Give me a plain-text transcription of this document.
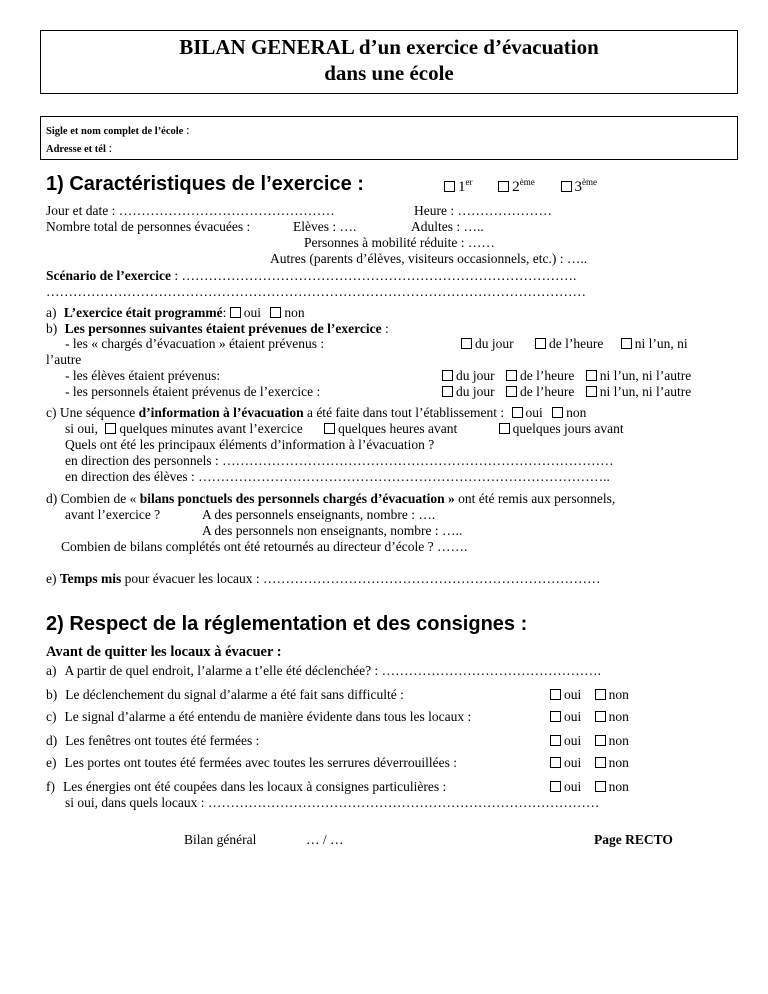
BILAN GENERAL d’un exercice d’évacuation
dans une école
Sigle et nom complet de l’école :
Adresse et tél :
1) Caractéristiques de l’exercice :	1er	2ème	3ème
Jour et date : …………………………………………	Heure : …………………
Nombre total de personnes évacuées :	Elèves : ….	Adultes : …..
Personnes à mobilité réduite : ……
Autres (parents d’élèves, visiteurs occasionnels, etc.) : …..
Scénario de l’exercice : …………………………………………………………………………….
…………………………………………………………………………………………………………
a) L’exercice était programmé: oui non
b) Les personnes suivantes étaient prévenues de l’exercice :
- les « chargés d’évacuation » étaient prévenus :	du jour	de l’heure ni l’un, ni
l’autre
- les élèves étaient prévenus:	du jour de l’heure ni l’un, ni l’autre
- les personnels étaient prévenus de l’exercice :	du jour de l’heure ni l’un, ni l’autre
c) Une séquence d’information à l’évacuation a été faite dans tout l’établissement : oui non
si oui, quelques minutes avant l’exercice	quelques heures avant	quelques jours avant
Quels ont été les principaux éléments d’information à l’évacuation ?
en direction des personnels : ……………………………………………………………………………
en direction des élèves : ………………………………………………………………………………..
d) Combien de « bilans ponctuels des personnels chargés d’évacuation » ont été remis aux personnels,
avant l’exercice ?	A des personnels enseignants, nombre : ….
A des personnels non enseignants, nombre : …..
Combien de bilans complétés ont été retournés au directeur d’école ? …….
e) Temps mis pour évacuer les locaux : …………………………………………………………………
2) Respect de la réglementation et des consignes :
Avant de quitter les locaux à évacuer :
a) A partir de quel endroit, l’alarme a t’elle été déclenchée? : ………………………………………….
b) Le déclenchement du signal d’alarme a été fait sans difficulté :	oui non
c) Le signal d’alarme a été entendu de manière évidente dans tous les locaux :	oui non
d) Les fenêtres ont toutes été fermées :	oui non
e) Les portes ont toutes été fermées avec toutes les serrures déverrouillées :	oui non
f) Les énergies ont été coupées dans les locaux à consignes particulières :	oui non
si oui, dans quels locaux : ……………………………………………………………………………
Bilan général	… / …	Page RECTO
